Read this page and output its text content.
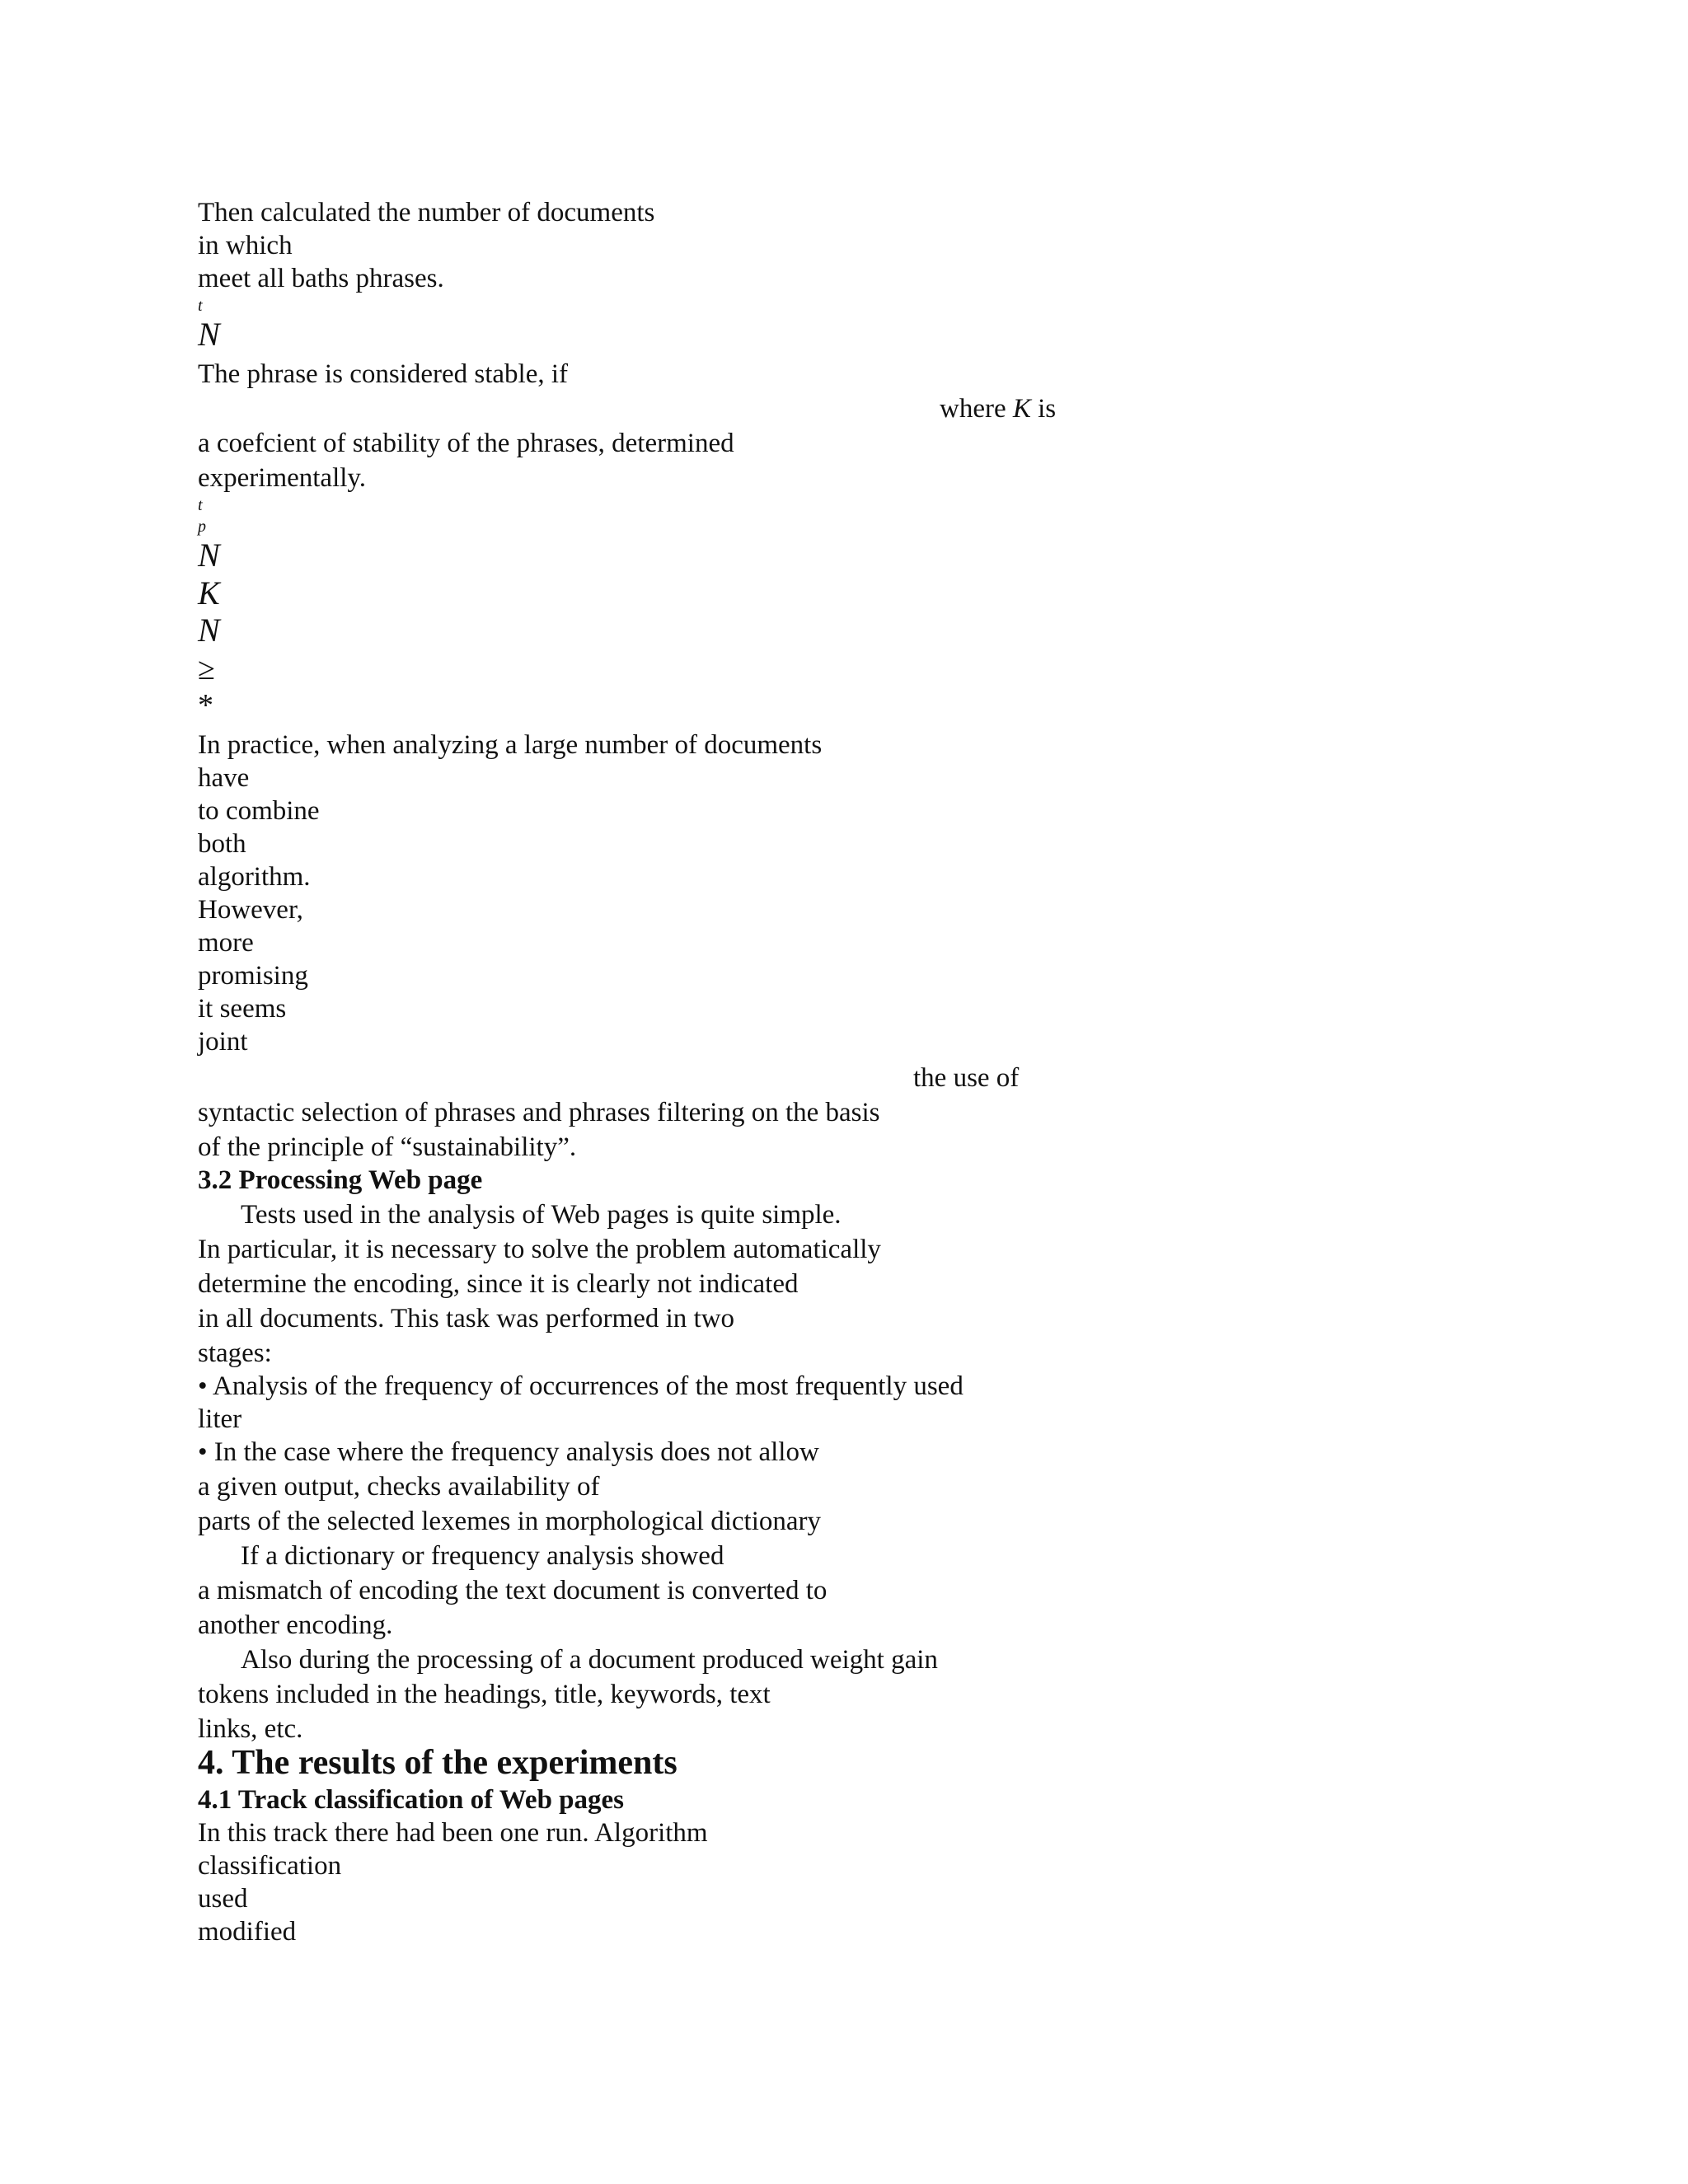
Then calculated the number of documents
in which
meet all baths phrases.
t
N
The phrase is considered stable, if
where K is
a coefcient of stability of the phrases, determined
experimentally.
t
p
N
K
N
≥
*
In practice, when analyzing a large number of documents
have
to combine
both
algorithm.
However,
more
promising
it seems
joint
the use of
syntactic selection of phrases and phrases filtering on the basis
of the principle of “sustainability”.
3.2 Processing Web page
Tests used in the analysis of Web pages is quite simple.
In particular, it is necessary to solve the problem automatically
determine the encoding, since it is clearly not indicated
in all documents. This task was performed in two
stages:
• Analysis of the frequency of occurrences of the most frequently used
liter
• In the case where the frequency analysis does not allow
a given output, checks availability of
parts of the selected lexemes in morphological dictionary
If a dictionary or frequency analysis showed
a mismatch of encoding the text document is converted to
another encoding.
Also during the processing of a document produced weight gain
tokens included in the headings, title, keywords, text
links, etc.
4. The results of the experiments
4.1 Track classification of Web pages
In this track there had been one run. Algorithm
classification
used
modified
